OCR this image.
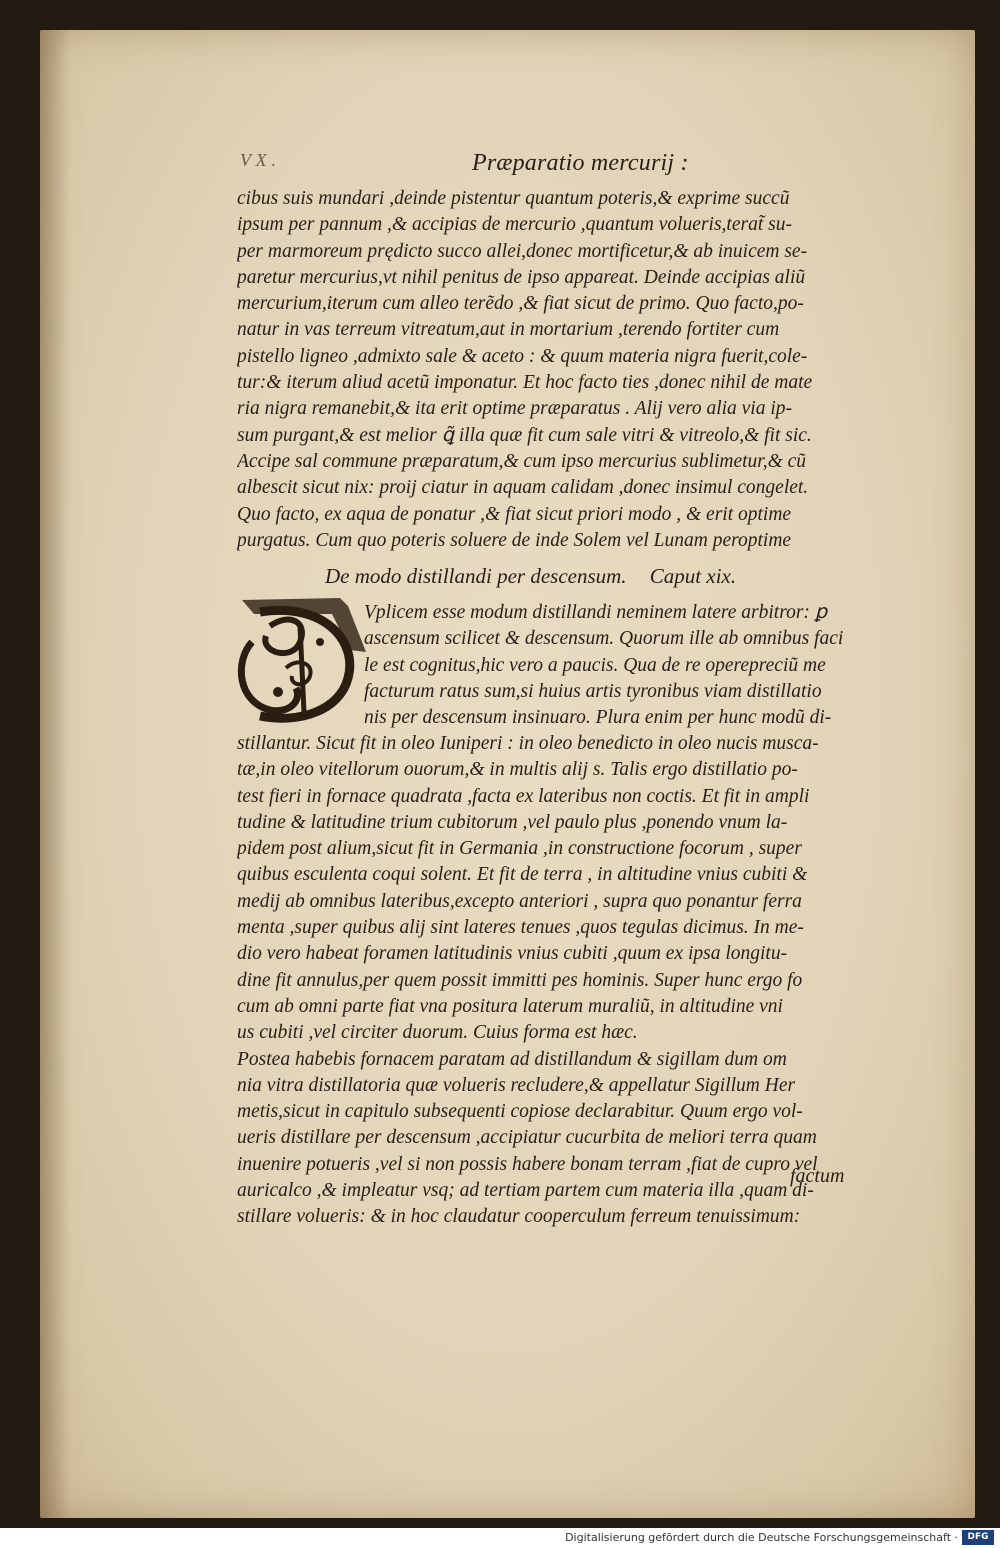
V X .	Præparatio mercurij :
cibus suis mundari ,deinde pistentur quantum poteris,& exprime succũ
ipsum per pannum ,& accipias de mercurio ,quantum volueris,terat̃ su-
per marmoreum prędicto succo allei,donec mortificetur,& ab inuicem se-
paretur mercurius,vt nihil penitus de ipso appareat. Deinde accipias aliũ
mercurium,iterum cum alleo terẽdo ,& fiat sicut de primo. Quo facto,po-
natur in vas terreum vitreatum,aut in mortarium ,terendo fortiter cum
pistello ligneo ,admixto sale & aceto : & quum materia nigra fuerit,cole-
tur:& iterum aliud acetũ imponatur. Et hoc facto ties ,donec nihil de mate
ria nigra remanebit,& ita erit optime præparatus . Alij vero alia via ip-
sum purgant,& est melior ꝗ̃ illa quæ fit cum sale vitri & vitreolo,& fit sic.
Accipe sal commune præparatum,& cum ipso mercurius sublimetur,& cũ
albescit sicut nix: proij ciatur in aquam calidam ,donec insimul congelet.
Quo facto, ex aqua de ponatur ,& fiat sicut priori modo , & erit optime
purgatus. Cum quo poteris soluere de inde Solem vel Lunam peroptime
De modo distillandi per descensum. Caput xix.
Vplicem esse modum distillandi neminem latere arbitror: ꝑ
ascensum scilicet & descensum. Quorum ille ab omnibus faci
le est cognitus,hic vero a paucis. Qua de re operepreciũ me
facturum ratus sum,si huius artis tyronibus viam distillatio
nis per descensum insinuaro. Plura enim per hunc modũ di-
stillantur. Sicut fit in oleo Iuniperi : in oleo benedicto in oleo nucis musca-
tæ,in oleo vitellorum ouorum,& in multis alij s. Talis ergo distillatio po-
test fieri in fornace quadrata ,facta ex lateribus non coctis. Et fit in ampli
tudine & latitudine trium cubitorum ,vel paulo plus ,ponendo vnum la-
pidem post alium,sicut fit in Germania ,in constructione focorum , super
quibus esculenta coqui solent. Et fit de terra , in altitudine vnius cubiti &
medij ab omnibus lateribus,excepto anteriori , supra quo ponantur ferra
menta ,super quibus alij sint lateres tenues ,quos tegulas dicimus. In me-
dio vero habeat foramen latitudinis vnius cubiti ,quum ex ipsa longitu-
dine fit annulus,per quem possit immitti pes hominis. Super hunc ergo fo
cum ab omni parte fiat vna positura laterum muraliũ, in altitudine vni
us cubiti ,vel circiter duorum. Cuius forma est hæc.
Postea habebis fornacem paratam ad distillandum & sigillam dum om
nia vitra distillatoria quæ volueris recludere,& appellatur Sigillum Her
metis,sicut in capitulo subsequenti copiose declarabitur. Quum ergo vol-
ueris distillare per descensum ,accipiatur cucurbita de meliori terra quam
inuenire potueris ,vel si non possis habere bonam terram ,fiat de cupro vel
auricalco ,& impleatur vsq; ad tertiam partem cum materia illa ,quam di-
stillare volueris: & in hoc claudatur cooperculum ferreum tenuissimum:
factum
Digitalisierung gefördert durch die Deutsche Forschungsgemeinschaft ·	DFG
